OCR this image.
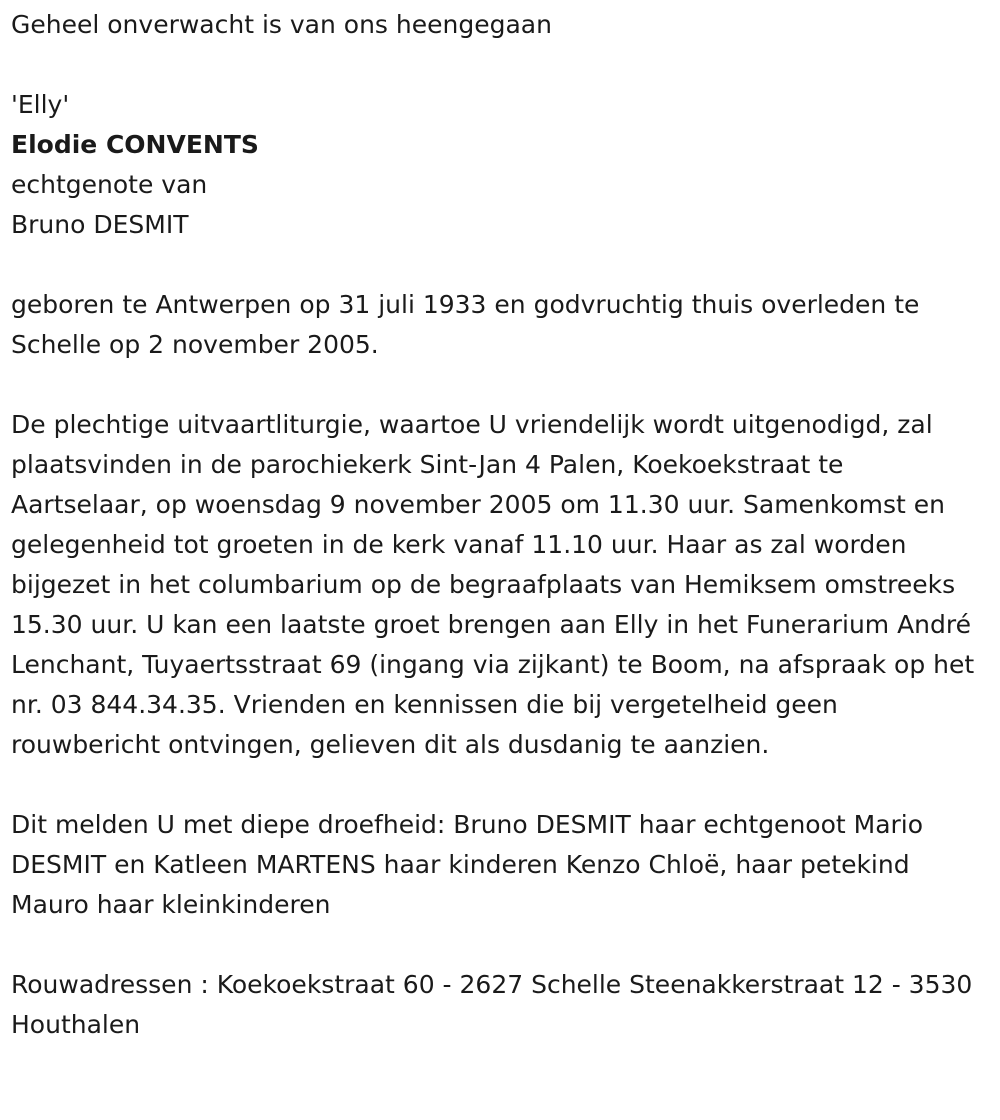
Geheel onverwacht is van ons heengegaan

'Elly'

Elodie CONVENTS

echtgenote van

Bruno DESMIT

geboren te Antwerpen op 31 juli 1933 en godvruchtig thuis overleden te Schelle op 2 november 2005.

De plechtige uitvaartliturgie, waartoe U vriendelijk wordt uitgenodigd, zal plaatsvinden in de parochiekerk Sint-Jan 4 Palen, Koekoekstraat te Aartselaar, op woensdag 9 november 2005 om 11.30 uur. Samenkomst en gelegenheid tot groeten in de kerk vanaf 11.10 uur. Haar as zal worden bijgezet in het columbarium op de begraafplaats van Hemiksem omstreeks 15.30 uur. U kan een laatste groet brengen aan Elly in het Funerarium André Lenchant, Tuyaertsstraat 69 (ingang via zijkant) te Boom, na afspraak op het nr. 03 844.34.35. Vrienden en kennissen die bij vergetelheid geen rouwbericht ontvingen, gelieven dit als dusdanig te aanzien.

Dit melden U met diepe droefheid: Bruno DESMIT haar echtgenoot Mario DESMIT en Katleen MARTENS haar kinderen Kenzo Chloë, haar petekind Mauro haar kleinkinderen

Rouwadressen : Koekoekstraat 60 - 2627 Schelle Steenakkerstraat 12 - 3530 Houthalen
